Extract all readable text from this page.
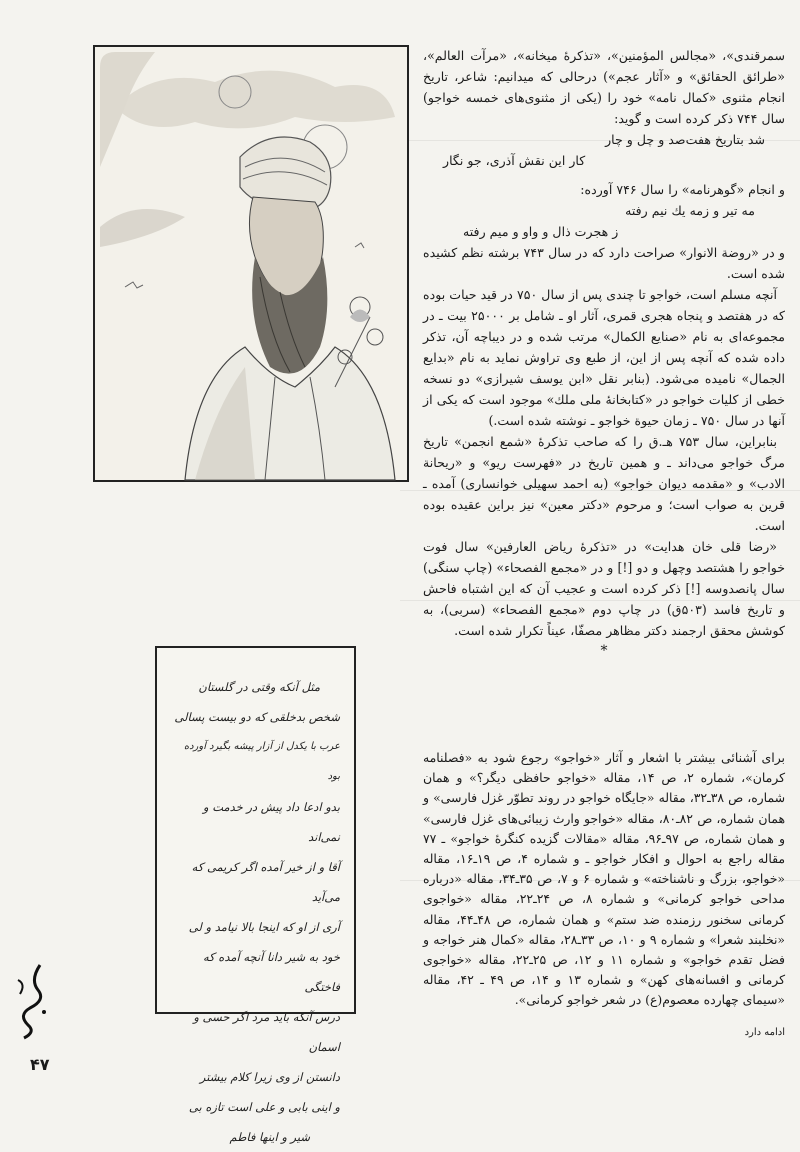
سمرقندی»، «مجالس المؤمنین»، «تذکرهٔ میخانه»، «مرآت العالم»، «طرائق الحقائق» و «آثار عجم») درحالی که میدانیم: شاعر، تاریخ انجام مثنوی «کمال نامه» خود را (یکی از مثنوی‌های خمسه خواجو) سال ۷۴۴ ذکر کرده است و گوید:

شد بتاریخ هفت‌صد و چل و چار

کار این نقش آذری، جو نگار

و انجام «گوهرنامه» را سال ۷۴۶ آورده:

مه تیر و زمه یك نیم رفته

ز هجرت ذال و واو و میم رفته

و در «روضة الانوار» صراحت دارد که در سال ۷۴۳ برشته نظم کشیده شده است.

آنچه مسلم است، خواجو تا چندی پس از سال ۷۵۰ در قید حیات بوده که در هفتصد و پنجاه هجری قمری، آثار او ـ شامل بر ۲۵۰۰۰ بیت ـ در مجموعه‌ای به نام «صنایع الکمال» مرتب شده و در دیباچه آن، تذکر داده شده که آنچه پس از این، از طبع وی تراوش نماید به نام «بدایع الجمال» نامیده می‌شود. (بنابر نقل «ابن یوسف شیرازی» دو نسخه خطی از کلیات خواجو در «کتابخانهٔ ملی ملك» موجود است که یکی از آنها در سال ۷۵۰ ـ زمان حیوة خواجو ـ نوشته شده است.)

بنابراین، سال ۷۵۳ هـ.ق را که صاحب تذکرهٔ «شمع انجمن» تاریخ مرگ خواجو می‌داند ـ و همین تاریخ در «فهرست ریو» و «ریحانة الادب» و «مقدمه دیوان خواجو» (به احمد سهیلی خوانساری) آمده ـ قرین به صواب است؛ و مرحوم «دکتر معین» نیز براین عقیده بوده است.

«رضا قلی خان هدایت» در «تذکرهٔ ریاض العارفین» سال فوت خواجو را هشتصد وچهل و دو [!] و در «مجمع الفصحاء» (چاپ سنگی) سال پانصدوسه [!] ذکر کرده است و عجیب آن که این اشتباه فاحش و تاریخ فاسد (۵۰۳ق) در چاپ دوم «مجمع الفصحاء» (سربی)، به کوشش محقق ارجمند دکتر مظاهر مصفّا، عیناً تکرار شده است.

*

برای آشنائی بیشتر با اشعار و آثار «خواجو» رجوع شود به «فصلنامه کرمان»، شماره ۲، ص ۱۴، مقاله «خواجو حافظی دیگر؟» و همان شماره، ص ۳۸ـ۳۲، مقاله «جایگاه خواجو در روند تطوّر غزل فارسی» و همان شماره، ص ۸۲ـ۸۰، مقاله «خواجو وارث زیبائی‌های غزل فارسی» و همان شماره، ص ۹۷ـ۹۶، مقاله «مقالات گزیده کنگرهٔ خواجو» ـ ۷۷ مقاله راجع به احوال و افکار خواجو ـ و شماره ۴، ص ۱۹ـ۱۶، مقاله «خواجو، بزرگ و ناشناخته» و شماره ۶ و ۷، ص ۳۵ـ۳۴، مقاله «درباره مداحی خواجو کرمانی» و شماره ۸، ص ۲۴ـ۲۲، مقاله «خواجوی کرمانی سخنور رزمنده ضد ستم» و همان شماره، ص ۴۸ـ۴۴، مقاله «نخلبند شعرا» و شماره ۹ و ۱۰، ص ۳۳ـ۲۸، مقاله «کمال هنر خواجه و فضل تقدم خواجو» و شماره ۱۱ و ۱۲، ص ۲۵ـ۲۲، مقاله «خواجوی کرمانی و افسانه‌های کهن» و شماره ۱۳ و ۱۴، ص ۴۹ ـ ۴۲، مقاله «سیمای چهارده معصوم(ع) در شعر خواجو کرمانی».

ادامه دارد
مثل آنکه وقتی در گلستان
شخص بدخلقی که دو بیست پسالی
عرب با یکدل از آزار پیشه بگیرد آورده بود
بدو ادعا داد پیش در خدمت و نمی‌اند
آقا و از خیر آمده اگر کریمی که می‌آید
آری از او که اینجا بالا نیامد و لی
خود به شیر دانا آنچه آمده که فاختگی
درس آنکه باید مرد اگر حسی و اسمان
دانستن از وی زیرا کلام بیشتر
و اینی بابی و علی است تازه بی
شیر و اینها فاطم
۴۷
